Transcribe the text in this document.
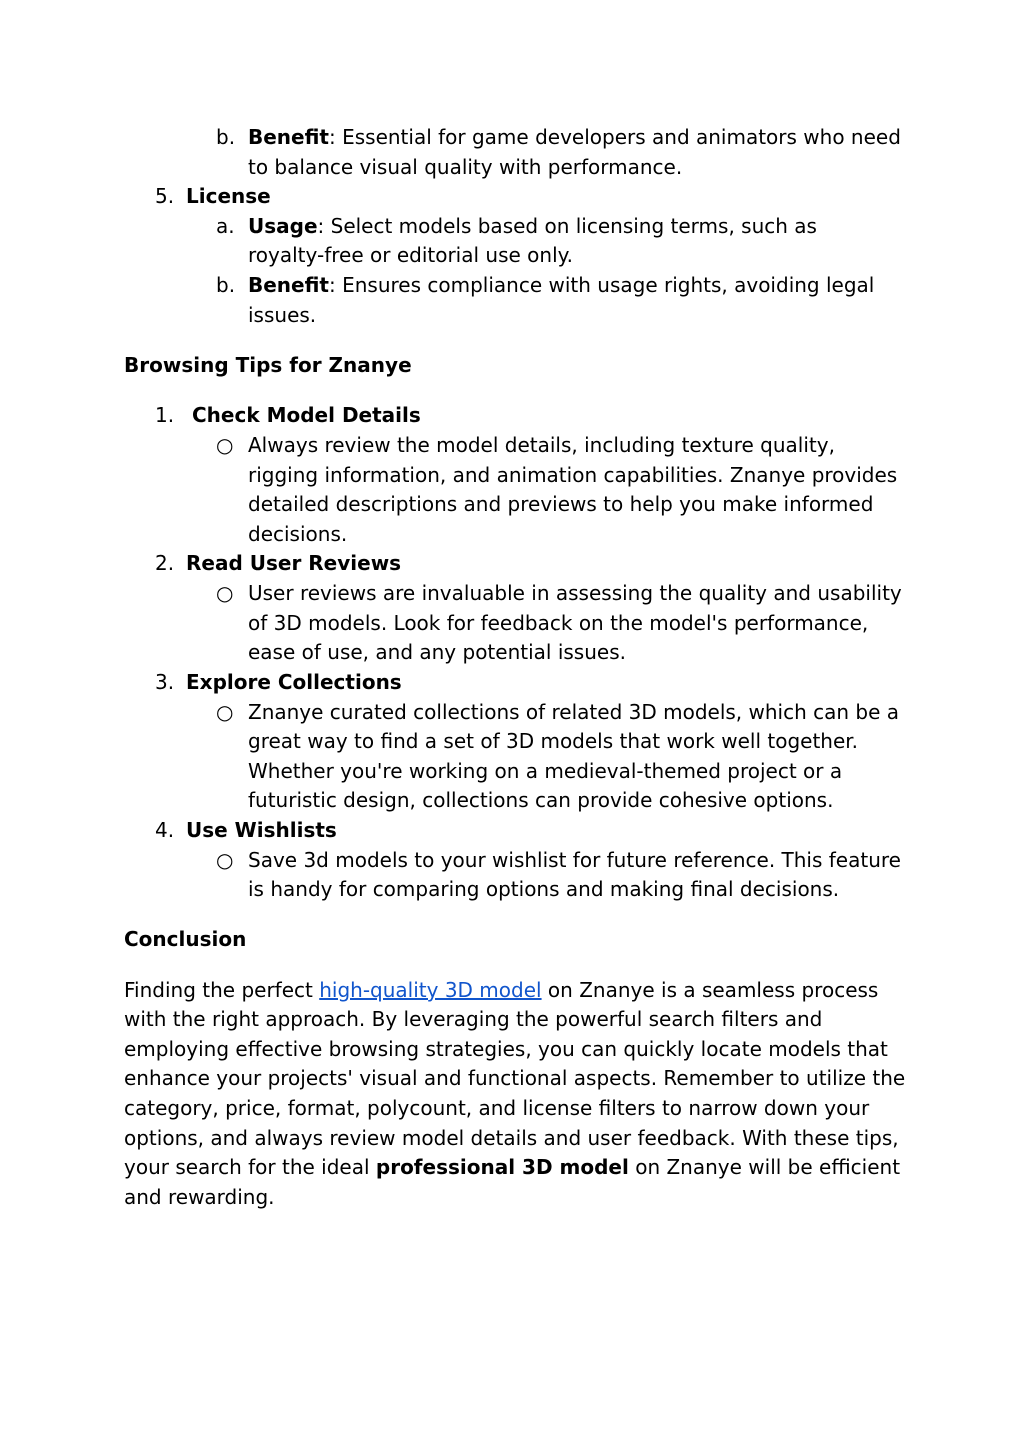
b. Benefit: Essential for game developers and animators who need
to balance visual quality with performance.
5. License
a. Usage: Select models based on licensing terms, such as
royalty-free or editorial use only.
b. Benefit: Ensures compliance with usage rights, avoiding legal
issues.
Browsing Tips for Znanye
1. Check Model Details
○ Always review the model details, including texture quality,
rigging information, and animation capabilities. Znanye provides
detailed descriptions and previews to help you make informed
decisions.
2. Read User Reviews
○ User reviews are invaluable in assessing the quality and usability
of 3D models. Look for feedback on the model's performance,
ease of use, and any potential issues.
3. Explore Collections
○ Znanye curated collections of related 3D models, which can be a
great way to find a set of 3D models that work well together.
Whether you're working on a medieval-themed project or a
futuristic design, collections can provide cohesive options.
4. Use Wishlists
○ Save 3d models to your wishlist for future reference. This feature
is handy for comparing options and making final decisions.
Conclusion
Finding the perfect high-quality 3D model on Znanye is a seamless process
with the right approach. By leveraging the powerful search filters and
employing effective browsing strategies, you can quickly locate models that
enhance your projects' visual and functional aspects. Remember to utilize the
category, price, format, polycount, and license filters to narrow down your
options, and always review model details and user feedback. With these tips,
your search for the ideal professional 3D model on Znanye will be efficient
and rewarding.
